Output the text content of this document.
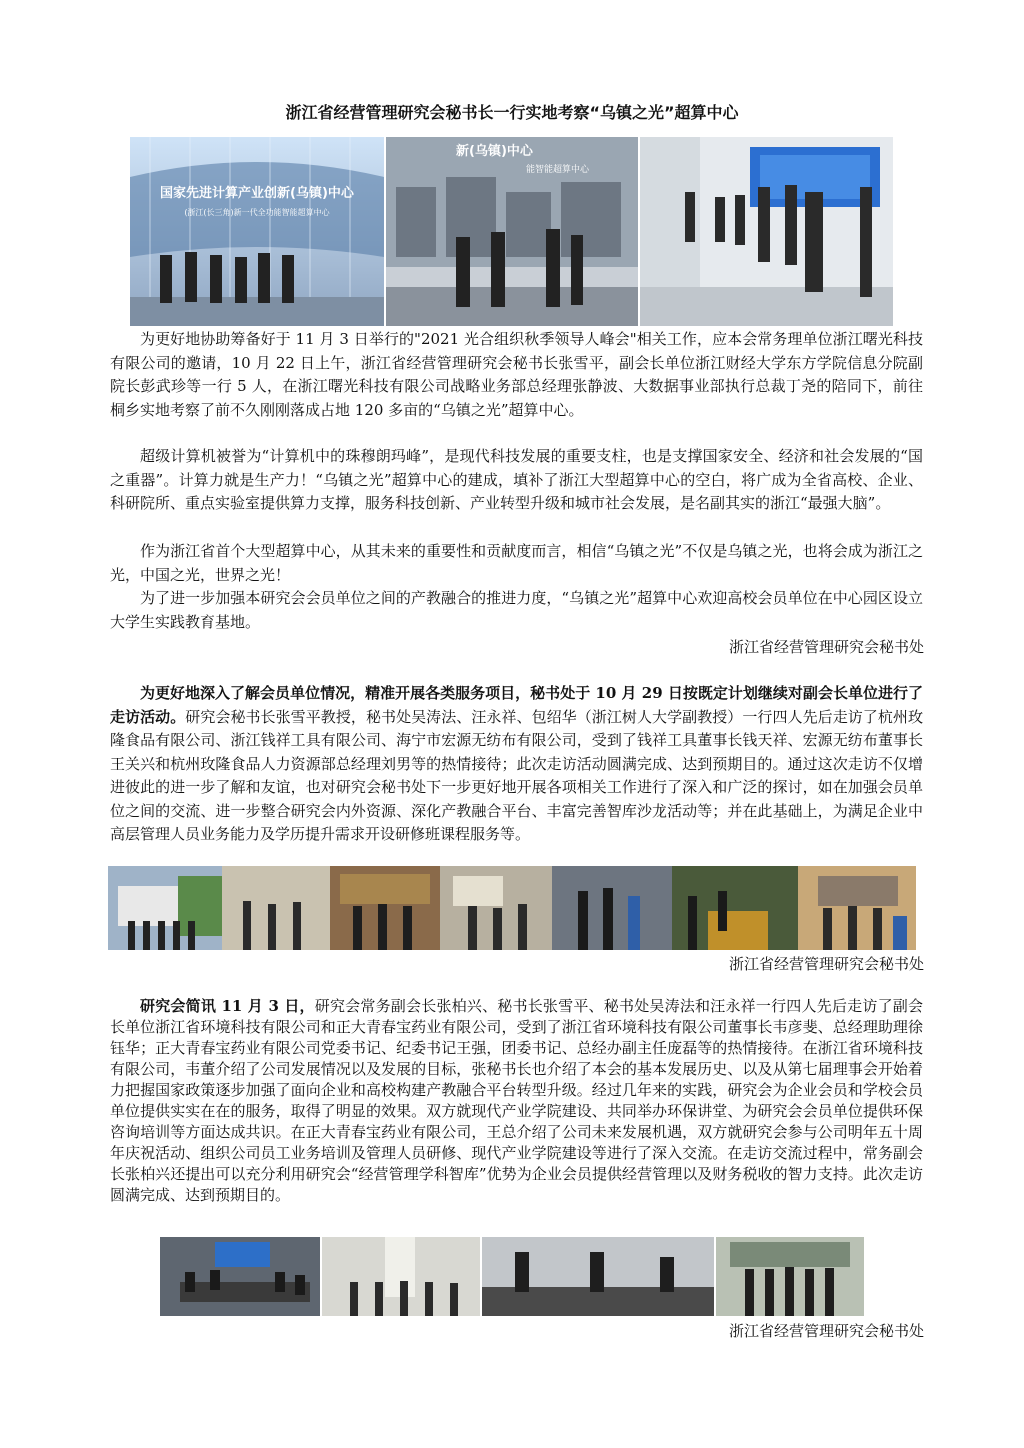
浙江省经营管理研究会秘书长一行实地考察“乌镇之光”超算中心
国家先进计算产业创新(乌镇)中心
(浙江(长三角)新一代全功能智能超算中心
新(乌镇)中心
能智能超算中心

为更好地协助筹备好于 11 月 3 日举行的"2021 光合组织秋季领导人峰会"相关工作，应本会常务理单位浙江曙光科技有限公司的邀请，10 月 22 日上午，浙江省经营管理研究会秘书长张雪平，副会长单位浙江财经大学东方学院信息分院副院长彭武珍等一行 5 人，在浙江曙光科技有限公司战略业务部总经理张静波、大数据事业部执行总裁丁尧的陪同下，前往桐乡实地考察了前不久刚刚落成占地 120 多亩的“乌镇之光”超算中心。

超级计算机被誉为“计算机中的珠穆朗玛峰”，是现代科技发展的重要支柱，也是支撑国家安全、经济和社会发展的“国之重器”。计算力就是生产力！“乌镇之光”超算中心的建成，填补了浙江大型超算中心的空白，将广成为全省高校、企业、科研院所、重点实验室提供算力支撑，服务科技创新、产业转型升级和城市社会发展，是名副其实的浙江“最强大脑”。

作为浙江省首个大型超算中心，从其未来的重要性和贡献度而言，相信“乌镇之光”不仅是乌镇之光，也将会成为浙江之光，中国之光，世界之光！

为了进一步加强本研究会会员单位之间的产教融合的推进力度，“乌镇之光”超算中心欢迎高校会员单位在中心园区设立大学生实践教育基地。

浙江省经营管理研究会秘书处

为更好地深入了解会员单位情况，精准开展各类服务项目，秘书处于 10 月 29 日按既定计划继续对副会长单位进行了走访活动。研究会秘书长张雪平教授，秘书处吴涛法、汪永祥、包绍华（浙江树人大学副教授）一行四人先后走访了杭州玫隆食品有限公司、浙江钱祥工具有限公司、海宁市宏源无纺布有限公司，受到了钱祥工具董事长钱天祥、宏源无纺布董事长王关兴和杭州玫隆食品人力资源部总经理刘男等的热情接待；此次走访活动圆满完成、达到预期目的。通过这次走访不仅增进彼此的进一步了解和友谊，也对研究会秘书处下一步更好地开展各项相关工作进行了深入和广泛的探讨，如在加强会员单位之间的交流、进一步整合研究会内外资源、深化产教融合平台、丰富完善智库沙龙活动等；并在此基础上，为满足企业中高层管理人员业务能力及学历提升需求开设研修班课程服务等。

浙江省经营管理研究会秘书处

研究会简讯 11 月 3 日，研究会常务副会长张柏兴、秘书长张雪平、秘书处吴涛法和汪永祥一行四人先后走访了副会长单位浙江省环境科技有限公司和正大青春宝药业有限公司，受到了浙江省环境科技有限公司董事长韦彦斐、总经理助理徐钰华；正大青春宝药业有限公司党委书记、纪委书记王强，团委书记、总经办副主任庞磊等的热情接待。在浙江省环境科技有限公司，韦董介绍了公司发展情况以及发展的目标，张秘书长也介绍了本会的基本发展历史、以及从第七届理事会开始着力把握国家政策逐步加强了面向企业和高校构建产教融合平台转型升级。经过几年来的实践，研究会为企业会员和学校会员单位提供实实在在的服务，取得了明显的效果。双方就现代产业学院建设、共同举办环保讲堂、为研究会会员单位提供环保咨询培训等方面达成共识。在正大青春宝药业有限公司，王总介绍了公司未来发展机遇，双方就研究会参与公司明年五十周年庆祝活动、组织公司员工业务培训及管理人员研修、现代产业学院建设等进行了深入交流。在走访交流过程中，常务副会长张柏兴还提出可以充分利用研究会“经营管理学科智库”优势为企业会员提供经营管理以及财务税收的智力支持。此次走访圆满完成、达到预期目的。

浙江省经营管理研究会秘书处
